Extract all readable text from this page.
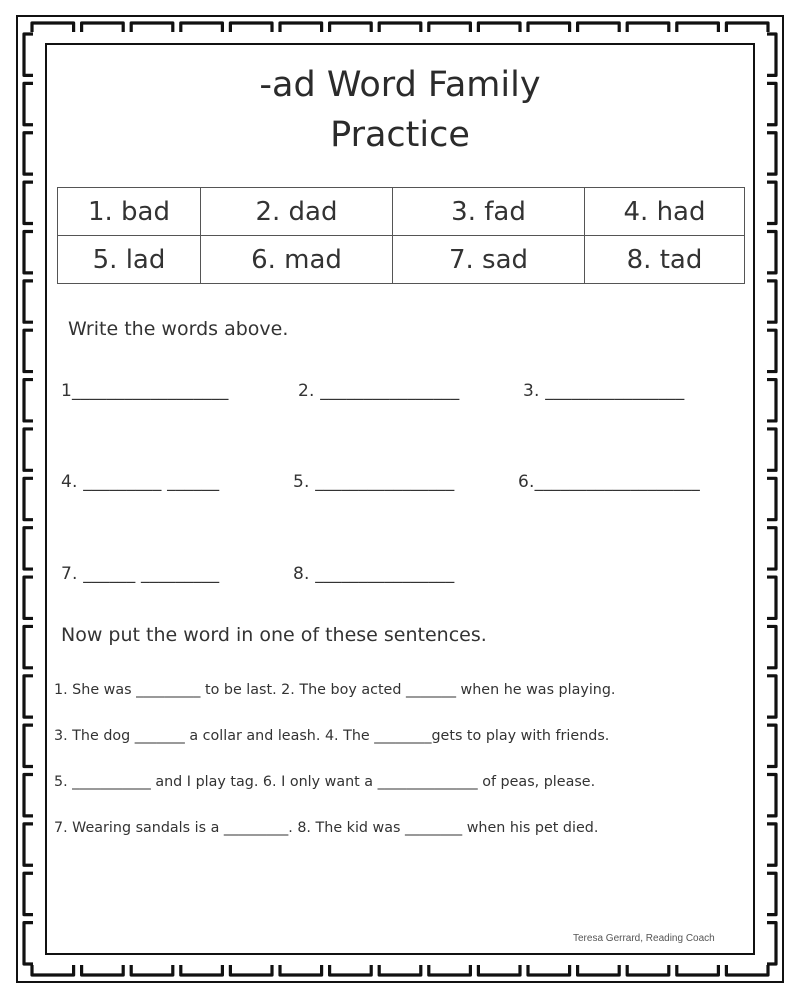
-ad Word Family
Practice
1. bad	2. dad	3. fad	4. had
5. lad	6. mad	7. sad	8. tad
Write the words above.
1__________________	2. ________________	3. ________________
4. _________ ______	5. ________________	6.___________________
7. ______ _________	8. ________________
Now put the word in one of these sentences.
1. She was _________ to be last. 2. The boy acted _______ when he was playing.
3. The dog _______ a collar and leash. 4. The ________gets to play with friends.
5. ___________ and I play tag. 6. I only want a ______________ of peas, please.
7. Wearing sandals is a _________. 8. The kid was ________ when his pet died.
Teresa Gerrard, Reading Coach
